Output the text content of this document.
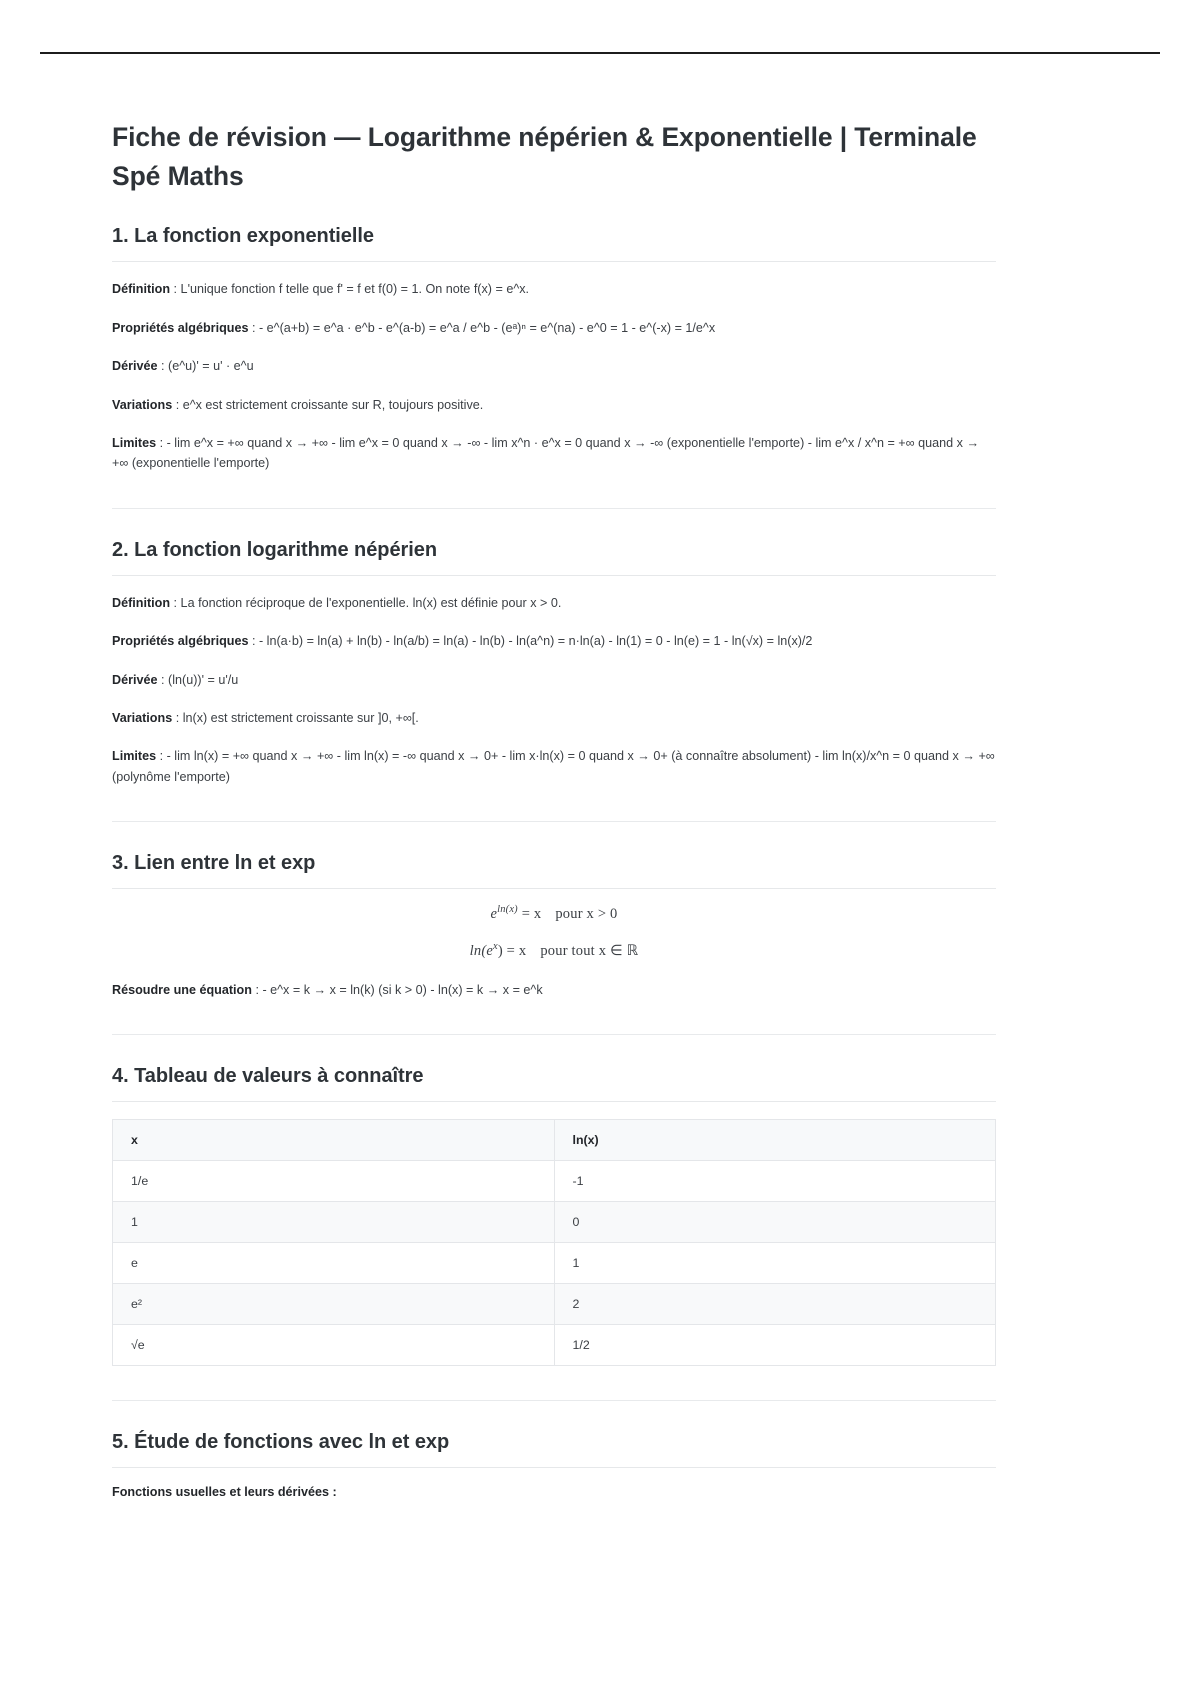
Fiche de révision — Logarithme népérien & Exponentielle | Terminale Spé Maths
1. La fonction exponentielle

Définition : L'unique fonction f telle que f' = f et f(0) = 1. On note f(x) = e^x.

Propriétés algébriques : - e^(a+b) = e^a · e^b - e^(a-b) = e^a / e^b - (eᵃ)ⁿ = e^(na) - e^0 = 1 - e^(-x) = 1/e^x

Dérivée : (e^u)' = u' · e^u

Variations : e^x est strictement croissante sur R, toujours positive.

Limites : - lim e^x = +∞ quand x → +∞ - lim e^x = 0 quand x → -∞ - lim x^n · e^x = 0 quand x → -∞ (exponentielle l'emporte) - lim e^x / x^n = +∞ quand x → +∞ (exponentielle l'emporte)

2. La fonction logarithme népérien

Définition : La fonction réciproque de l'exponentielle. ln(x) est définie pour x > 0.

Propriétés algébriques : - ln(a·b) = ln(a) + ln(b) - ln(a/b) = ln(a) - ln(b) - ln(a^n) = n·ln(a) - ln(1) = 0 - ln(e) = 1 - ln(√x) = ln(x)/2

Dérivée : (ln(u))' = u'/u

Variations : ln(x) est strictement croissante sur ]0, +∞[.

Limites : - lim ln(x) = +∞ quand x → +∞ - lim ln(x) = -∞ quand x → 0+ - lim x·ln(x) = 0 quand x → 0+ (à connaître absolument) - lim ln(x)/x^n = 0 quand x → +∞ (polynôme l'emporte)

3. Lien entre ln et exp
$e^{ln(x)} = x$ pour x > 0
$\ln(e^x) = x$ pour tout x ∈ ℝ

Résoudre une équation : - e^x = k → x = ln(k) (si k > 0) - ln(x) = k → x = e^k

4. Tableau de valeurs à connaître
x	ln(x)
1/e	-1
1	0
e	1
e²	2
√e	1/2
5. Étude de fonctions avec ln et exp

Fonctions usuelles et leurs dérivées :
